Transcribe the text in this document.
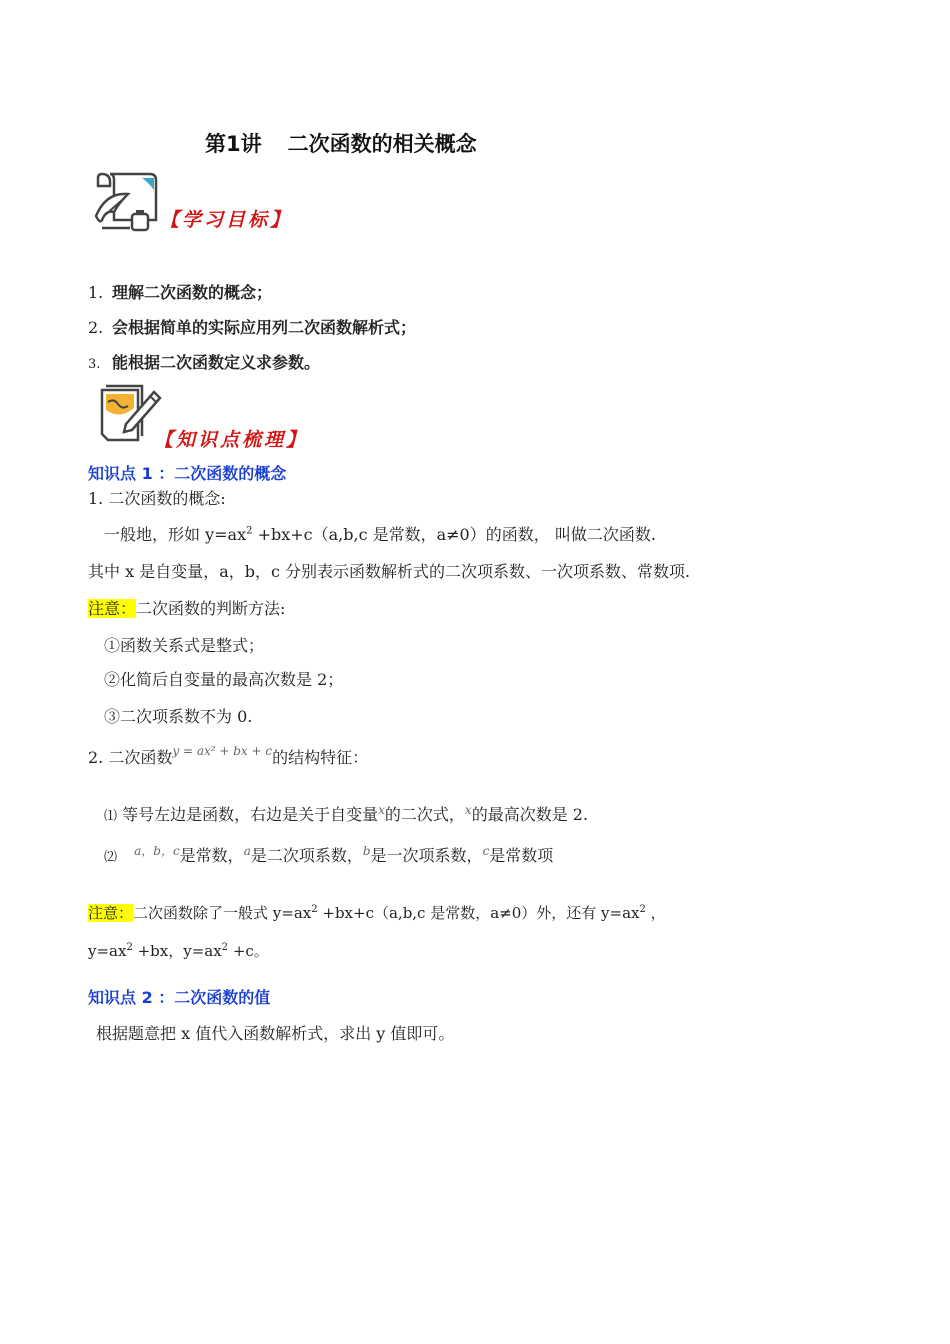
第1讲 二次函数的相关概念
【学习目标】
1. 理解二次函数的概念；
2. 会根据简单的实际应用列二次函数解析式；
3. 能根据二次函数定义求参数。
【知识点梳理】
知识点 1 ：二次函数的概念
1. 二次函数的概念:
一般地，形如 $y=ax^2 +bx+c(a,b,c$ 是常数，a≠0）的函数， 叫做二次函数.
其中 x 是自变量，a，b，c 分别表示函数解析式的二次项系数、一次项系数、常数项.
注意：二次函数的判断方法:
①函数关系式是整式；
②化简后自变量的最高次数是 2；
③二次项系数不为 0.
2. 二次函数$^{y = ax^2 + bx + c}$的结构特征：
⑴ 等号左边是函数，右边是关于自变量$^x$的二次式，$^x$的最高次数是 2.
⑵ $^{a,b,c}$是常数，$^a$是二次项系数，$^b$是一次项系数，$^c$是常数项
注意：二次函数除了一般式 $y=ax^2 +bx+c(a,b,c$ 是常数，a≠0）外，还有 $y=ax^2$ ，
$y=ax^2 +bx$，$y=ax^2 +c$。
知识点 2 ：二次函数的值
根据题意把 x 值代入函数解析式，求出 y 值即可。
